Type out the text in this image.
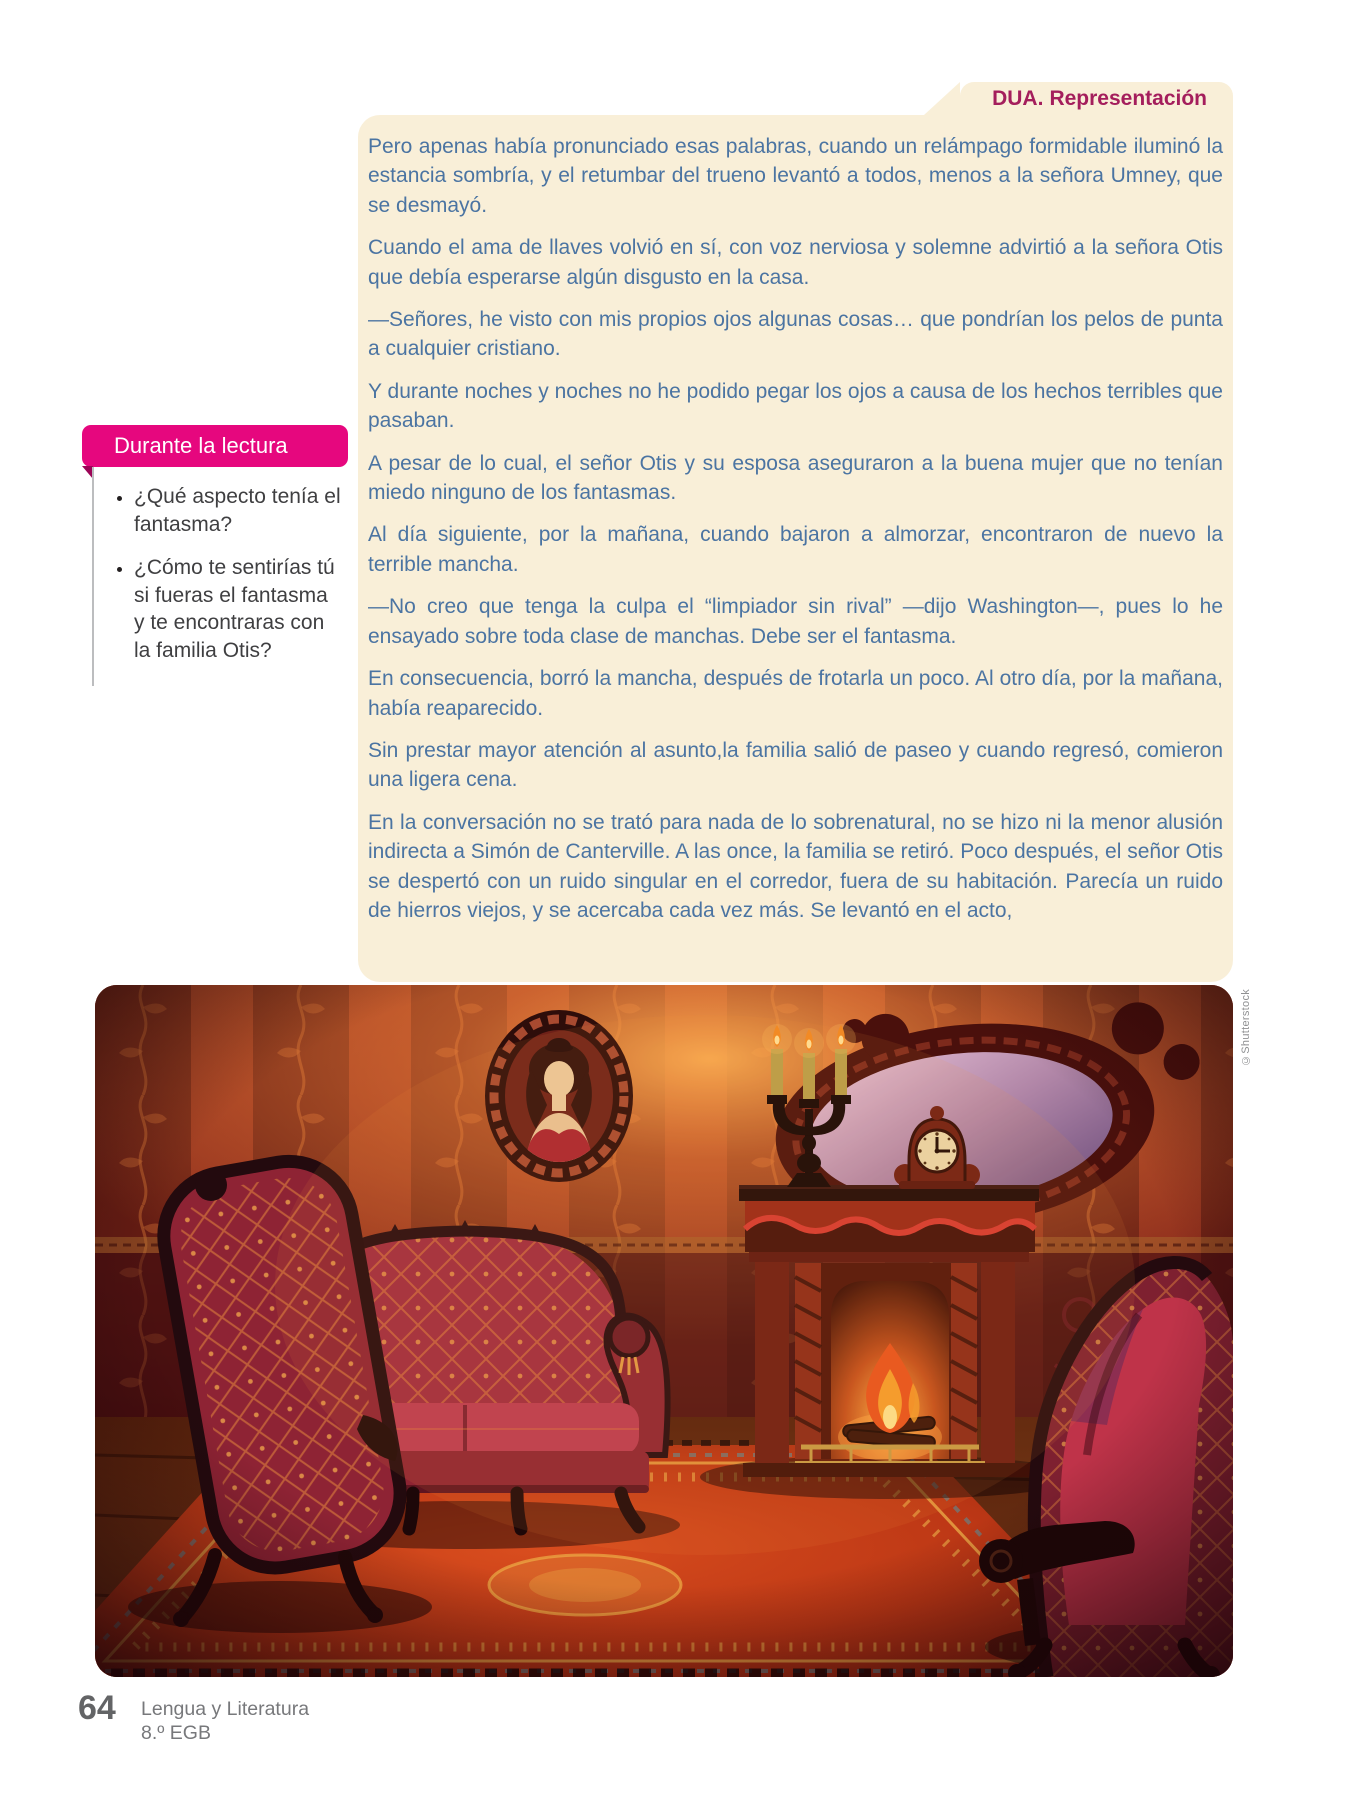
DUA. Representación

Pero apenas había pronunciado esas palabras, cuando un relámpago formidable iluminó la estancia sombría, y el retumbar del trueno levantó a todos, menos a la señora Umney, que se desmayó.

Cuando el ama de llaves volvió en sí, con voz nerviosa y solemne advirtió a la señora Otis que debía esperarse algún disgusto en la casa.

—Señores, he visto con mis propios ojos algunas cosas… que pondrían los pelos de punta a cualquier cristiano.

Y durante noches y noches no he podido pegar los ojos a causa de los hechos terribles que pasaban.

A pesar de lo cual, el señor Otis y su esposa aseguraron a la buena mujer que no tenían miedo ninguno de los fantasmas.

Al día siguiente, por la mañana, cuando bajaron a almorzar, encontraron de nuevo la terrible mancha.

—No creo que tenga la culpa el “limpiador sin rival” —dijo Washington—, pues lo he ensayado sobre toda clase de manchas. Debe ser el fantasma.

En consecuencia, borró la mancha, después de frotarla un poco. Al otro día, por la mañana, había reaparecido.

Sin prestar mayor atención al asunto,la familia salió de paseo y cuando regresó, comieron una ligera cena.

En la conversación no se trató para nada de lo sobrenatural, no se hizo ni la menor alusión indirecta a Simón de Canterville. A las once, la familia se retiró. Poco después, el señor Otis se despertó con un ruido singular en el corredor, fuera de su habitación. Parecía un ruido de hierros viejos, y se acercaba cada vez más. Se levantó en el acto,

Durante la lectura
• ¿Qué aspecto tenía el fantasma?
• ¿Cómo te sentirías tú si fueras el fantasma y te encontraras con la familia Otis?
©Shutterstock
64 Lengua y Literatura
8.º EGB
